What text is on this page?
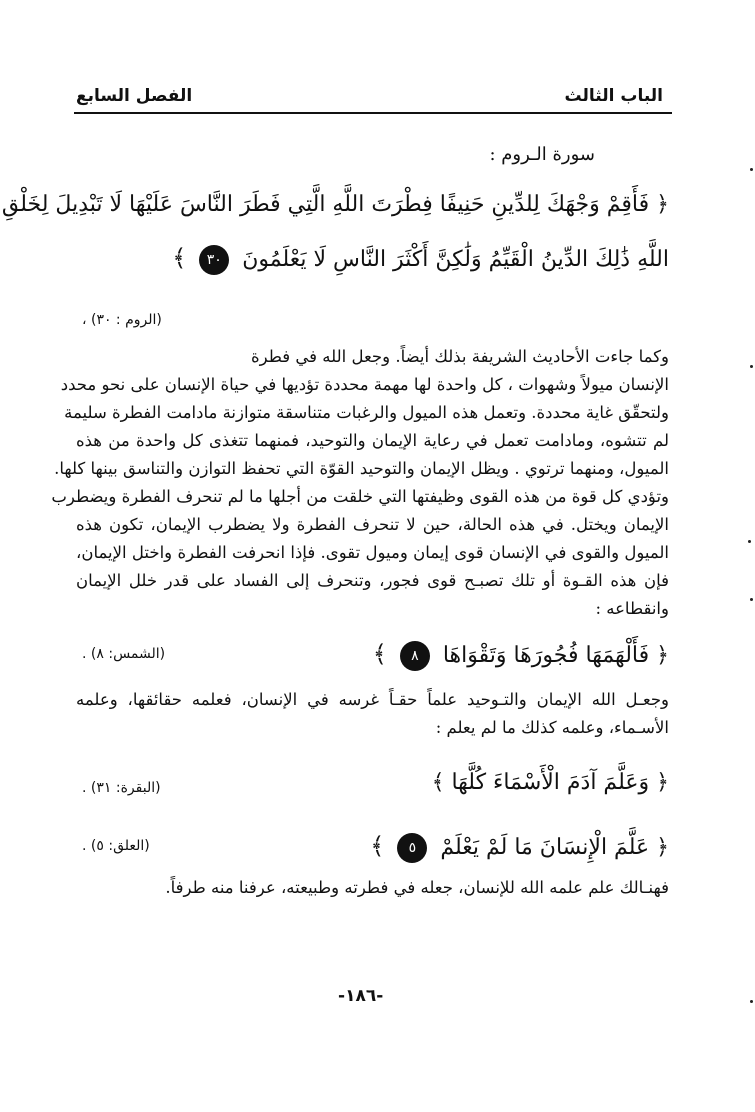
الباب الثالث
الفصل السابع
سورة الـروم :
﴿ فَأَقِمْ وَجْهَكَ لِلدِّينِ حَنِيفًا فِطْرَتَ اللَّهِ الَّتِي فَطَرَ النَّاسَ عَلَيْهَا لَا تَبْدِيلَ لِخَلْقِ
اللَّهِ ذَٰلِكَ الدِّينُ الْقَيِّمُ وَلَٰكِنَّ أَكْثَرَ النَّاسِ لَا يَعْلَمُونَ ٣٠ ﴾
(الروم : ٣٠) ،
وكما جاءت الأحاديث الشريفة بذلك أيضاً. وجعل الله في فطرة
الإنسان ميولاً وشهوات ، كل واحدة لها مهمة محددة تؤديها في حياة الإنسان على نحو محدد
ولتحقّق غاية محددة. وتعمل هذه الميول والرغبات متناسقة متوازنة مادامت الفطرة سليمة
لم تتشوه، ومادامت تعمل في رعاية الإيمان والتوحيد، فمنهما تتغذى كل واحدة من هذه
الميول، ومنهما ترتوي . ويظل الإيمان والتوحيد القوّة التي تحفظ التوازن والتناسق بينها كلها.
وتؤدي كل قوة من هذه القوى وظيفتها التي خلقت من أجلها ما لم تنحرف الفطرة ويضطرب
الإيمان ويختل. في هذه الحالة، حين لا تنحرف الفطرة ولا يضطرب الإيمان، تكون هذه
الميول والقوى في الإنسان قوى إيمان وميول تقوى. فإذا انحرفت الفطرة واختل الإيمان،
فإن هذه القـوة أو تلك تصبـح قوى فجور، وتنحرف إلى الفساد على قدر خلل الإيمان
وانقطاعه :
﴿ فَأَلْهَمَهَا فُجُورَهَا وَتَقْوَاهَا ٨ ﴾
(الشمس: ٨) .
وجعـل الله الإيمان والتـوحيد علماً حقـاً غرسه في الإنسان، فعلمه حقائقها، وعلمه
الأسـماء، وعلمه كذلك ما لم يعلم :
﴿ وَعَلَّمَ آدَمَ الْأَسْمَاءَ كُلَّهَا ﴾
(البقرة: ٣١) .
﴿ عَلَّمَ الْإِنسَانَ مَا لَمْ يَعْلَمْ ٥ ﴾
(العلق: ٥) .
فهنـالك علم علمه الله للإنسان، جعله في فطرته وطبيعته، عرفنا منه طرفاً.
-١٨٦-
